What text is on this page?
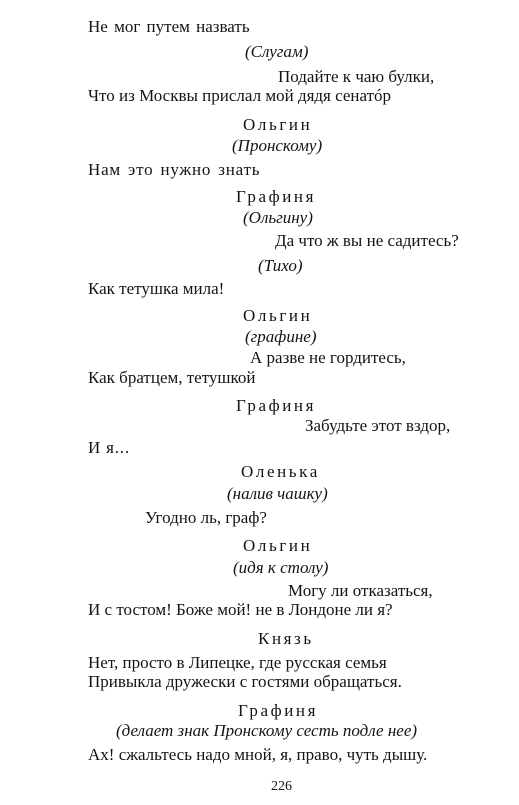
Не мог путем назвать
(Слугам)
Подайте к чаю булки,
Что из Москвы прислал мой дядя сенатóр
Ольгин
(Пронскому)
Нам это нужно знать
Графиня
(Ольгину)
Да что ж вы не садитесь?
(Тихо)
Как тетушка мила!
Ольгин
(графине)
А разве не гордитесь,
Как братцем, тетушкой
Графиня
Забудьте этот вздор,
И я...
Оленька
(налив чашку)
Угодно ль, граф?
Ольгин
(идя к столу)
Могу ли отказаться,
И с тостом! Боже мой! не в Лондоне ли я?
Князь
Нет, просто в Липецке, где русская семья
Привыкла дружески с гостями обращаться.
Графиня
(делает знак Пронскому сесть подле нее)
Ах! сжальтесь надо мной, я, право, чуть дышу.
226
